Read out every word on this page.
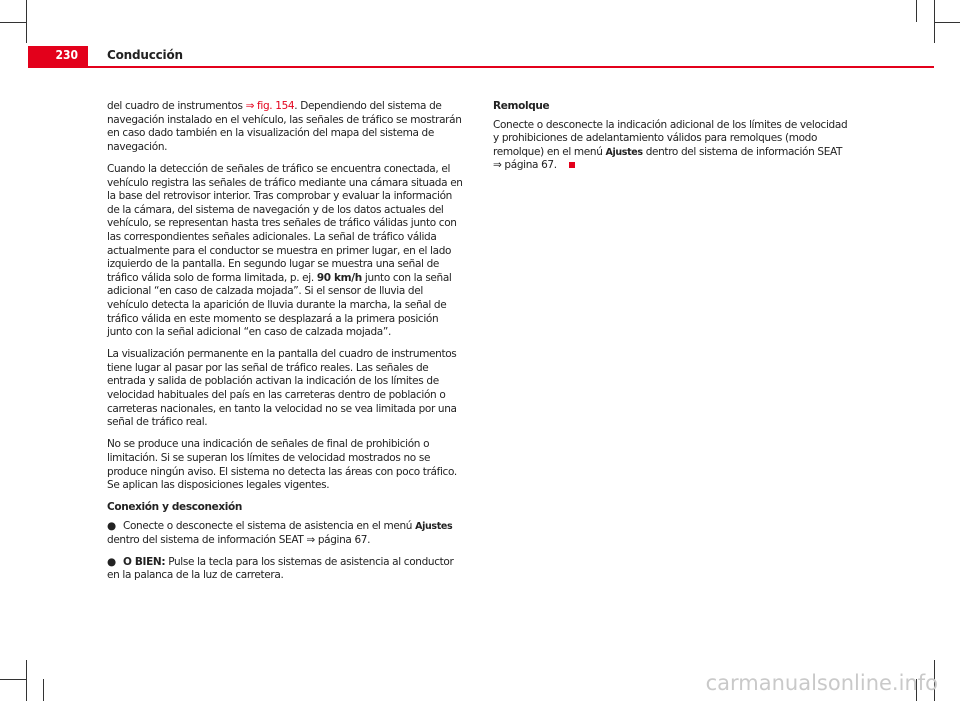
230 Conducción

del cuadro de instrumentos ⇒ fig. 154. Dependiendo del sistema de navegación instalado en el vehículo, las señales de tráfico se mostrarán en caso dado también en la visualización del mapa del sistema de navegación.

Cuando la detección de señales de tráfico se encuentra conectada, el vehículo registra las señales de tráfico mediante una cámara situada en la base del retrovisor interior. Tras comprobar y evaluar la información de la cámara, del sistema de navegación y de los datos actuales del vehículo, se representan hasta tres señales de tráfico válidas junto con las correspondientes señales adicionales. La señal de tráfico válida actualmente para el conductor se muestra en primer lugar, en el lado izquierdo de la pantalla. En segundo lugar se muestra una señal de tráfico válida solo de forma limitada, p. ej. 90 km/h junto con la señal adicional “en caso de calzada mojada”. Si el sensor de lluvia del vehículo detecta la aparición de lluvia durante la marcha, la señal de tráfico válida en este momento se desplazará a la primera posición junto con la señal adicional “en caso de calzada mojada”.

La visualización permanente en la pantalla del cuadro de instrumentos tiene lugar al pasar por las señal de tráfico reales. Las señales de entrada y salida de población activan la indicación de los límites de velocidad habituales del país en las carreteras dentro de población o carreteras nacionales, en tanto la velocidad no se vea limitada por una señal de tráfico real.

No se produce una indicación de señales de final de prohibición o limitación. Si se superan los límites de velocidad mostrados no se produce ningún aviso. El sistema no detecta las áreas con poco tráfico. Se aplican las disposiciones legales vigentes.

Conexión y desconexión

● Conecte o desconecte el sistema de asistencia en el menú Ajustes dentro del sistema de información SEAT ⇒ página 67.

● O BIEN: Pulse la tecla para los sistemas de asistencia al conductor en la palanca de la luz de carretera.

Remolque

Conecte o desconecte la indicación adicional de los límites de velocidad y prohibiciones de adelantamiento válidos para remolques (modo remolque) en el menú Ajustes dentro del sistema de información SEAT ⇒ página 67.

carmanualsonline.info
